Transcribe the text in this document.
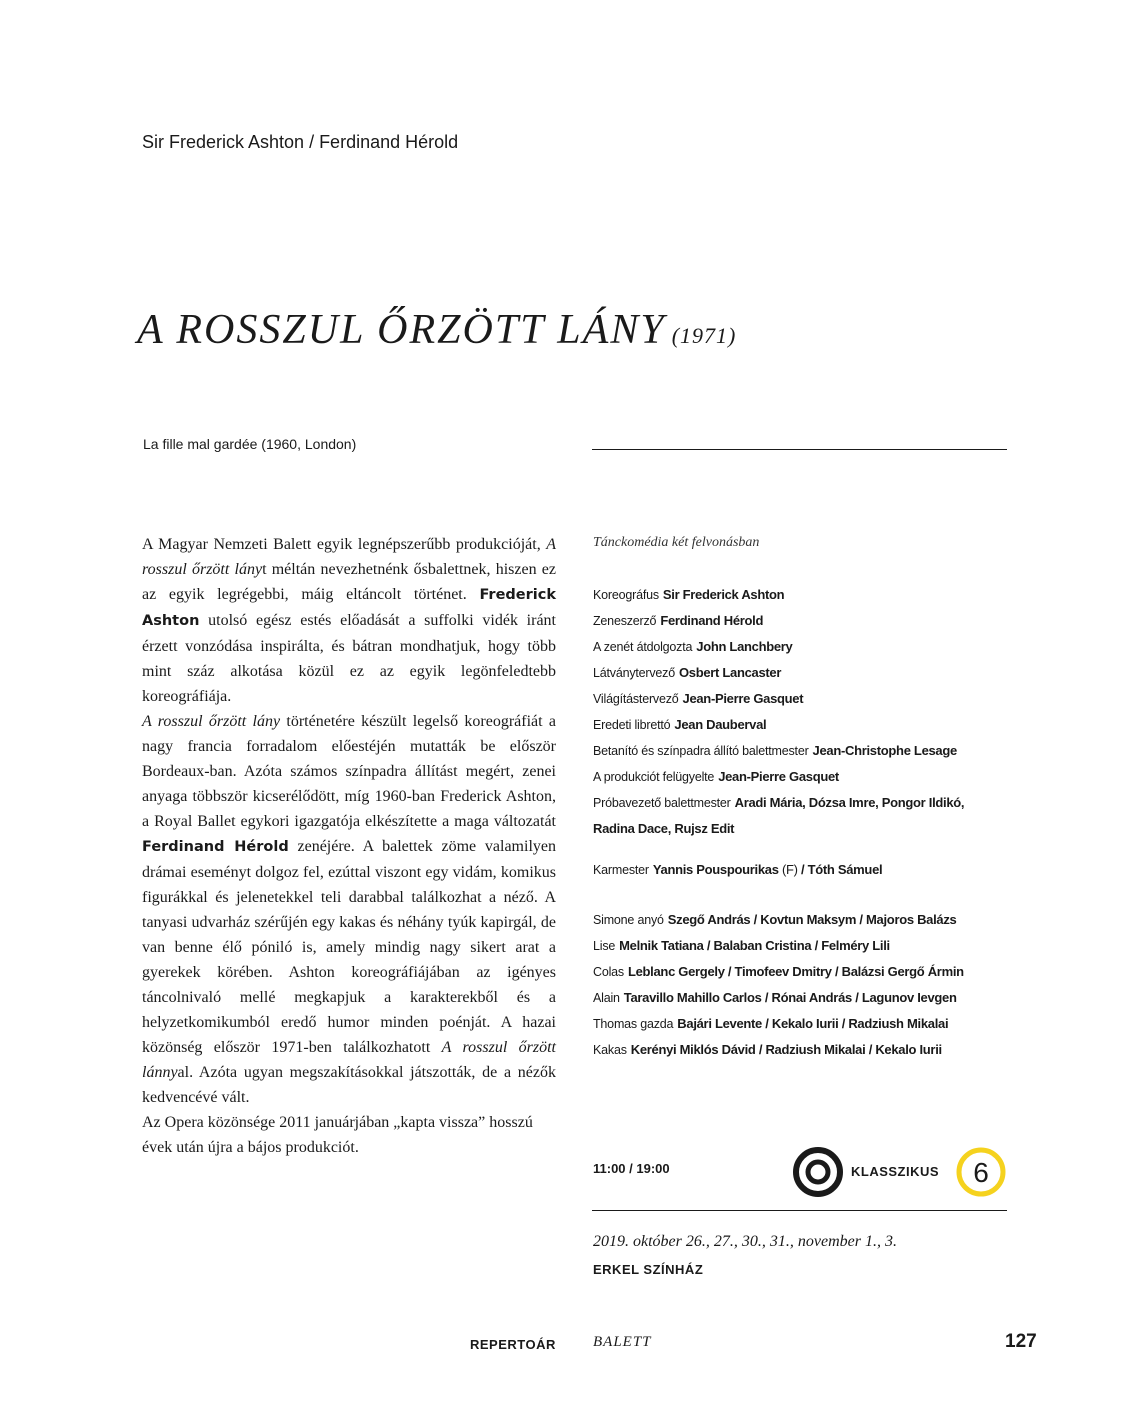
Sir Frederick Ashton / Ferdinand Hérold
A ROSSZUL ŐRZÖTT LÁNY (1971)
La fille mal gardée (1960, London)

A Magyar Nemzeti Balett egyik legnépszerűbb produkcióját, A rosszul őrzött lányt méltán nevezhetnénk ősbalettnek, hiszen ez az egyik legrégebbi, máig eltáncolt történet. Frederick Ashton utolsó egész estés előadását a suffolki vidék iránt érzett vonzódása inspirálta, és bátran mondhatjuk, hogy több mint száz alkotása közül ez az egyik legönfeledtebb koreográfiája.

A rosszul őrzött lány történetére készült legelső koreográfiát a nagy francia forradalom előestéjén mutatták be először Bordeaux-ban. Azóta számos színpadra állítást megért, zenei anyaga többször kicserélődött, míg 1960-ban Frederick Ashton, a Royal Ballet egykori igazgatója elkészítette a maga változatát Ferdinand Hérold zenéjére. A balettek zöme valamilyen drámai eseményt dolgoz fel, ezúttal viszont egy vidám, komikus figurákkal és jelenetekkel teli darabbal találkozhat a néző. A tanyasi udvarház szérűjén egy kakas és néhány tyúk kapirgál, de van benne élő póniló is, amely mindig nagy sikert arat a gyerekek körében. Ashton koreográfiájában az igényes táncolnivaló mellé megkapjuk a karakterekből és a helyzetkomikumból eredő humor minden poénját. A hazai közönség először 1971-ben találkozhatott A rosszul őrzött lánnyal. Azóta ugyan megszakításokkal játszották, de a nézők kedvencévé vált.

Az Opera közönsége 2011 januárjában „kapta vissza” hosszú évek után újra a bájos produkciót.

Tánckomédia két felvonásban
Koreográfus Sir Frederick Ashton
Zeneszerző Ferdinand Hérold
A zenét átdolgozta John Lanchbery
Látványtervező Osbert Lancaster
Világítástervező Jean-Pierre Gasquet
Eredeti librettó Jean Dauberval
Betanító és színpadra állító balettmester Jean-Christophe Lesage
A produkciót felügyelte Jean-Pierre Gasquet
Próbavezető balettmester Aradi Mária, Dózsa Imre, Pongor Ildikó,
Radina Dace, Rujsz Edit
Karmester Yannis Pouspourikas (F) / Tóth Sámuel
Simone anyó Szegő András / Kovtun Maksym / Majoros Balázs
Lise Melnik Tatiana / Balaban Cristina / Felméry Lili
Colas Leblanc Gergely / Timofeev Dmitry / Balázsi Gergő Ármin
Alain Taravillo Mahillo Carlos / Rónai András / Lagunov Ievgen
Thomas gazda Bajári Levente / Kekalo Iurii / Radziush Mikalai
Kakas Kerényi Miklós Dávid / Radziush Mikalai / Kekalo Iurii
11:00 / 19:00	KLASSZIKUS 6
2019. október 26., 27., 30., 31., november 1., 3.
ERKEL SZÍNHÁZ
REPERTOÁR BALETT	127
